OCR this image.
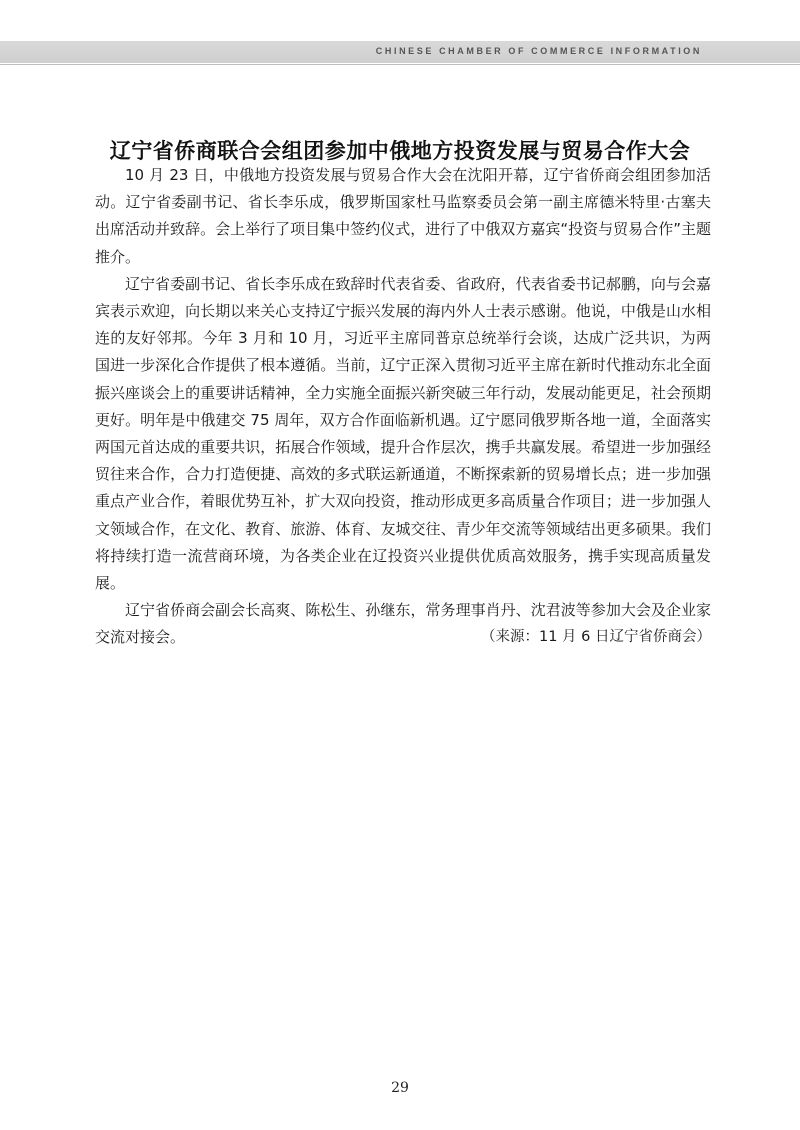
CHINESE CHAMBER OF COMMERCE INFORMATION
辽宁省侨商联合会组团参加中俄地方投资发展与贸易合作大会

10 月 23 日，中俄地方投资发展与贸易合作大会在沈阳开幕，辽宁省侨商会组团参加活动。辽宁省委副书记、省长李乐成，俄罗斯国家杜马监察委员会第一副主席德米特里·古塞夫出席活动并致辞。会上举行了项目集中签约仪式，进行了中俄双方嘉宾“投资与贸易合作”主题推介。

辽宁省委副书记、省长李乐成在致辞时代表省委、省政府，代表省委书记郝鹏，向与会嘉宾表示欢迎，向长期以来关心支持辽宁振兴发展的海内外人士表示感谢。他说，中俄是山水相连的友好邻邦。今年 3 月和 10 月，习近平主席同普京总统举行会谈，达成广泛共识，为两国进一步深化合作提供了根本遵循。当前，辽宁正深入贯彻习近平主席在新时代推动东北全面振兴座谈会上的重要讲话精神，全力实施全面振兴新突破三年行动，发展动能更足，社会预期更好。明年是中俄建交 75 周年，双方合作面临新机遇。辽宁愿同俄罗斯各地一道，全面落实两国元首达成的重要共识，拓展合作领域，提升合作层次，携手共赢发展。希望进一步加强经贸往来合作，合力打造便捷、高效的多式联运新通道，不断探索新的贸易增长点；进一步加强重点产业合作，着眼优势互补，扩大双向投资，推动形成更多高质量合作项目；进一步加强人文领域合作，在文化、教育、旅游、体育、友城交往、青少年交流等领域结出更多硕果。我们将持续打造一流营商环境，为各类企业在辽投资兴业提供优质高效服务，携手实现高质量发展。

辽宁省侨商会副会长高爽、陈松生、孙继东，常务理事肖丹、沈君波等参加大会及企业家交流对接会。	（来源：11 月 6 日辽宁省侨商会）

29
